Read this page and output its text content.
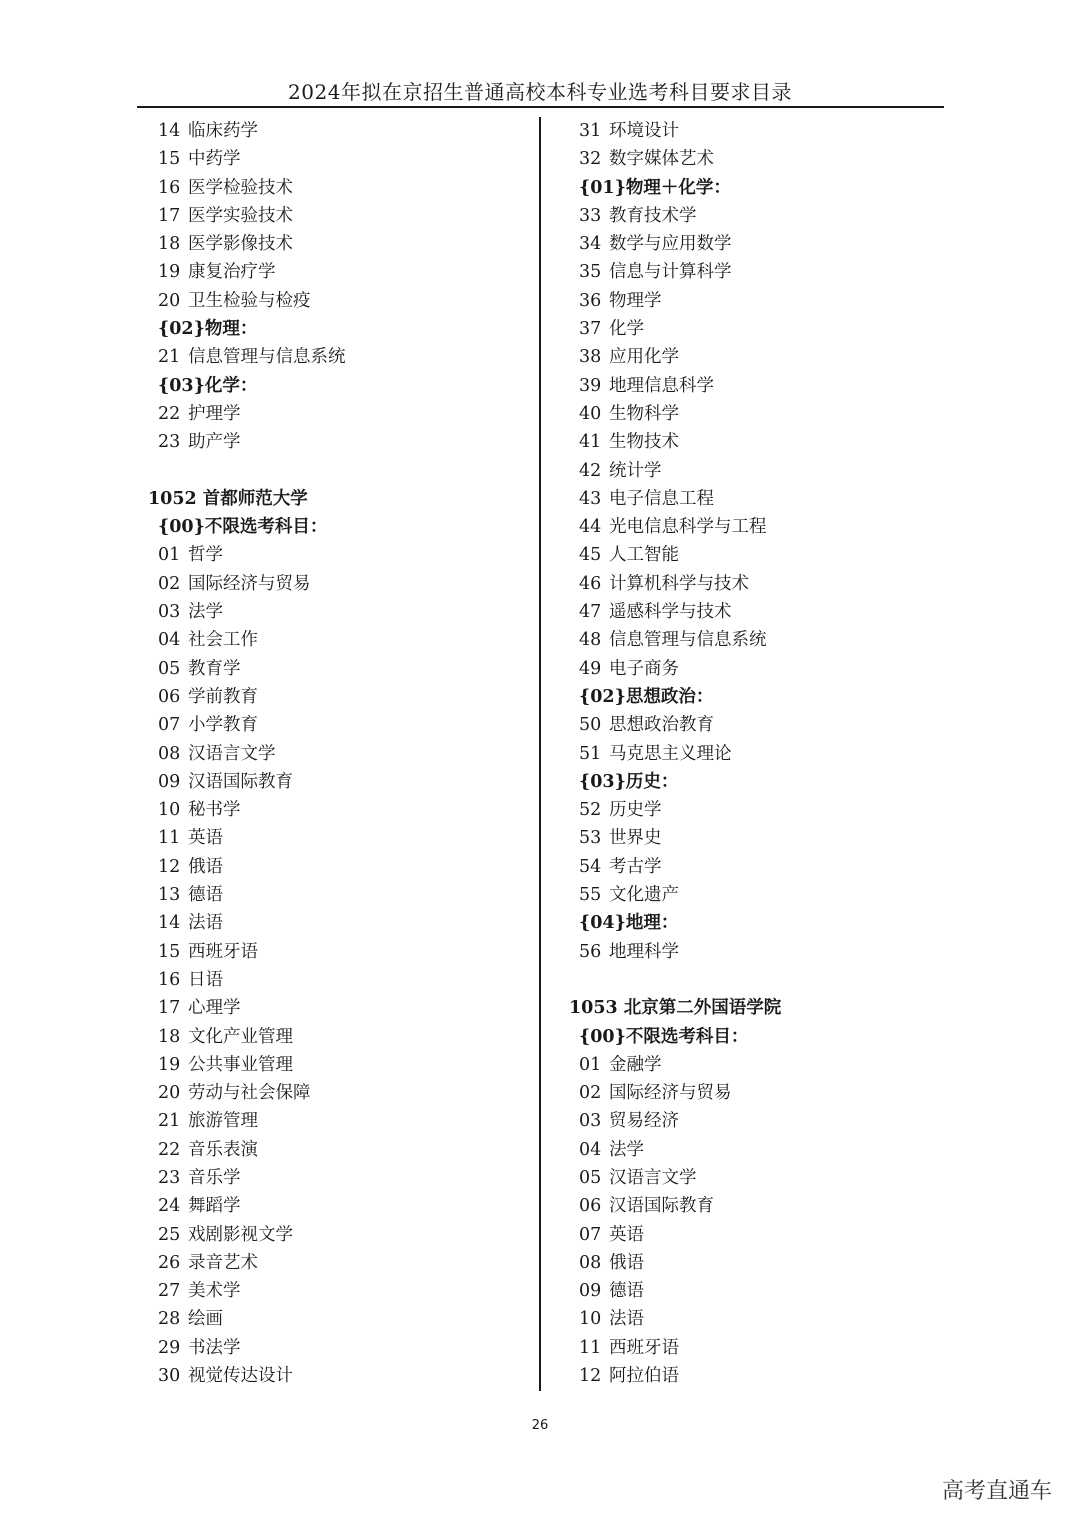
2024年拟在京招生普通高校本科专业选考科目要求目录
14 临床药学
15 中药学
16 医学检验技术
17 医学实验技术
18 医学影像技术
19 康复治疗学
20 卫生检验与检疫
{02}物理：
21 信息管理与信息系统
{03}化学：
22 护理学
23 助产学
1052 首都师范大学
{00}不限选考科目：
01 哲学
02 国际经济与贸易
03 法学
04 社会工作
05 教育学
06 学前教育
07 小学教育
08 汉语言文学
09 汉语国际教育
10 秘书学
11 英语
12 俄语
13 德语
14 法语
15 西班牙语
16 日语
17 心理学
18 文化产业管理
19 公共事业管理
20 劳动与社会保障
21 旅游管理
22 音乐表演
23 音乐学
24 舞蹈学
25 戏剧影视文学
26 录音艺术
27 美术学
28 绘画
29 书法学
30 视觉传达设计
31 环境设计
32 数字媒体艺术
{01}物理＋化学：
33 教育技术学
34 数学与应用数学
35 信息与计算科学
36 物理学
37 化学
38 应用化学
39 地理信息科学
40 生物科学
41 生物技术
42 统计学
43 电子信息工程
44 光电信息科学与工程
45 人工智能
46 计算机科学与技术
47 遥感科学与技术
48 信息管理与信息系统
49 电子商务
{02}思想政治：
50 思想政治教育
51 马克思主义理论
{03}历史：
52 历史学
53 世界史
54 考古学
55 文化遗产
{04}地理：
56 地理科学
1053 北京第二外国语学院
{00}不限选考科目：
01 金融学
02 国际经济与贸易
03 贸易经济
04 法学
05 汉语言文学
06 汉语国际教育
07 英语
08 俄语
09 德语
10 法语
11 西班牙语
12 阿拉伯语
26
高考直通车
